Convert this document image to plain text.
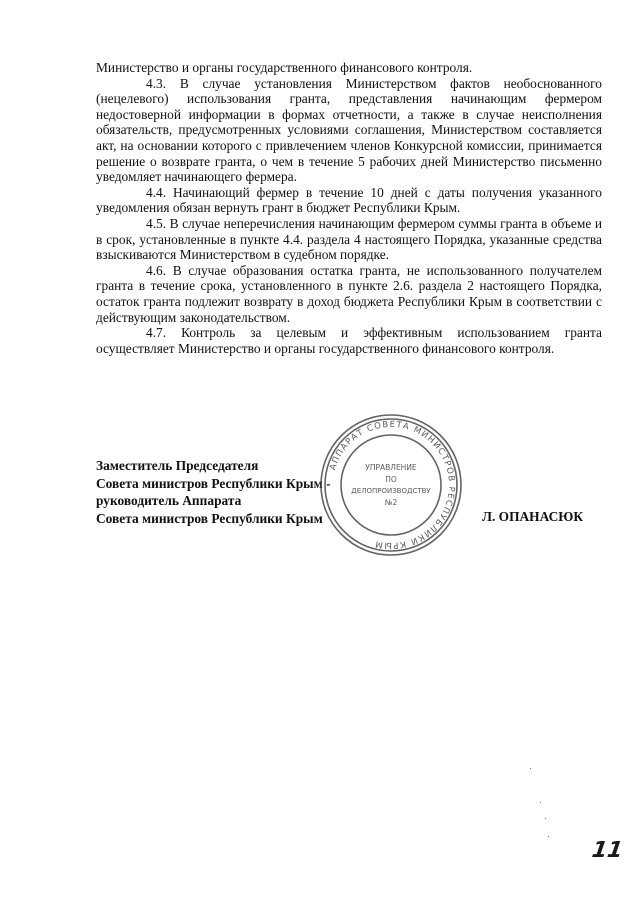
Министерство и органы государственного финансового контроля.

4.3. В случае установления Министерством фактов необоснованного (нецелевого) использования гранта, представления начинающим фермером недостоверной информации в формах отчетности, а также в случае неисполнения обязательств, предусмотренных условиями соглашения, Министерством составляется акт, на основании которого с привлечением членов Конкурсной комиссии, принимается решение о возврате гранта, о чем в течение 5 рабочих дней Министерство письменно уведомляет начинающего фермера.

4.4. Начинающий фермер в течение 10 дней с даты получения указанного уведомления обязан вернуть грант в бюджет Республики Крым.

4.5. В случае неперечисления начинающим фермером суммы гранта в объеме и в срок, установленные в пункте 4.4. раздела 4 настоящего Порядка, указанные средства взыскиваются Министерством в судебном порядке.

4.6. В случае образования остатка гранта, не использованного получателем гранта в течение срока, установленного в пункте 2.6. раздела 2 настоящего Порядка, остаток гранта подлежит возврату в доход бюджета Республики Крым в соответствии с действующим законодательством.

4.7. Контроль за целевым и эффективным использованием гранта осуществляет Министерство и органы государственного финансового контроля.

Заместитель Председателя
Совета министров Республики Крым -
руководитель Аппарата
Совета министров Республики Крым	Л. ОПАНАСЮК
АППАРАТ СОВЕТА МИНИСТРОВ РЕСПУБЛИКИ КРЫМ
УПРАВЛЕНИЕ
ПО
ДЕЛОПРОИЗВОДСТВУ
№2
11
